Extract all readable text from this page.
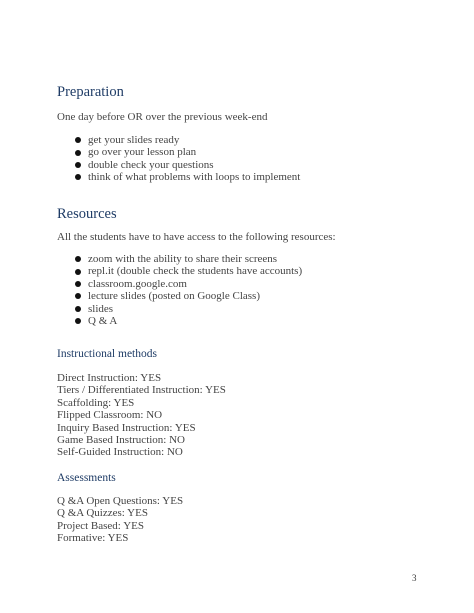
Preparation

One day before OR over the previous week-end

get your slides ready
go over your lesson plan
double check your questions
think of what problems with loops to implement
Resources

All the students have to have access to the following resources:

zoom with the ability to share their screens
repl.it (double check the students have accounts)
classroom.google.com
lecture slides (posted on Google Class)
slides
Q & A
Instructional methods
Direct Instruction: YES
Tiers / Differentiated Instruction: YES
Scaffolding: YES
Flipped Classroom: NO
Inquiry Based Instruction: YES
Game Based Instruction: NO
Self-Guided Instruction: NO
Assessments
Q &A Open Questions: YES
Q &A Quizzes: YES
Project Based: YES
Formative: YES
3
